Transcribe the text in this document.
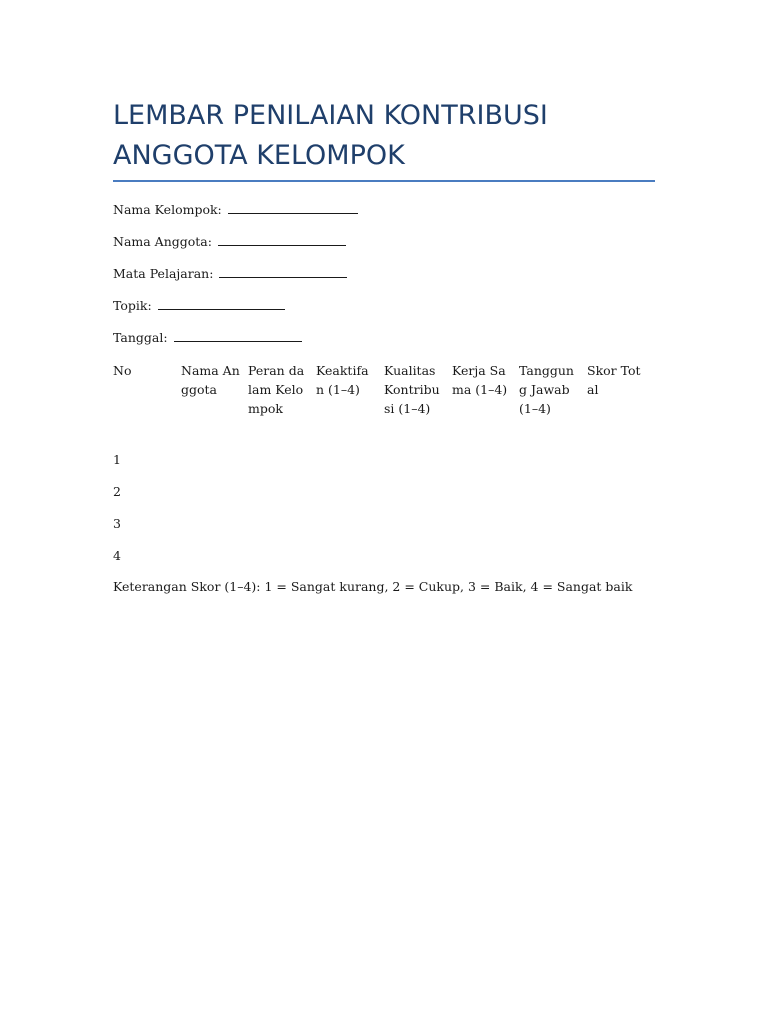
LEMBAR PENILAIAN KONTRIBUSI
ANGGOTA KELOMPOK
Nama Kelompok:
Nama Anggota:
Mata Pelajaran:
Topik:
Tanggal:
No	Nama Anggota
Peran dalam Kelompok
Keaktifan (1–4)
Kualitas Kontribusi (1–4)
Kerja Sama (1–4)
Tanggung Jawab (1–4)
Skor Total
1
2
3
4
Keterangan Skor (1–4): 1 = Sangat kurang, 2 = Cukup, 3 = Baik, 4 = Sangat baik
